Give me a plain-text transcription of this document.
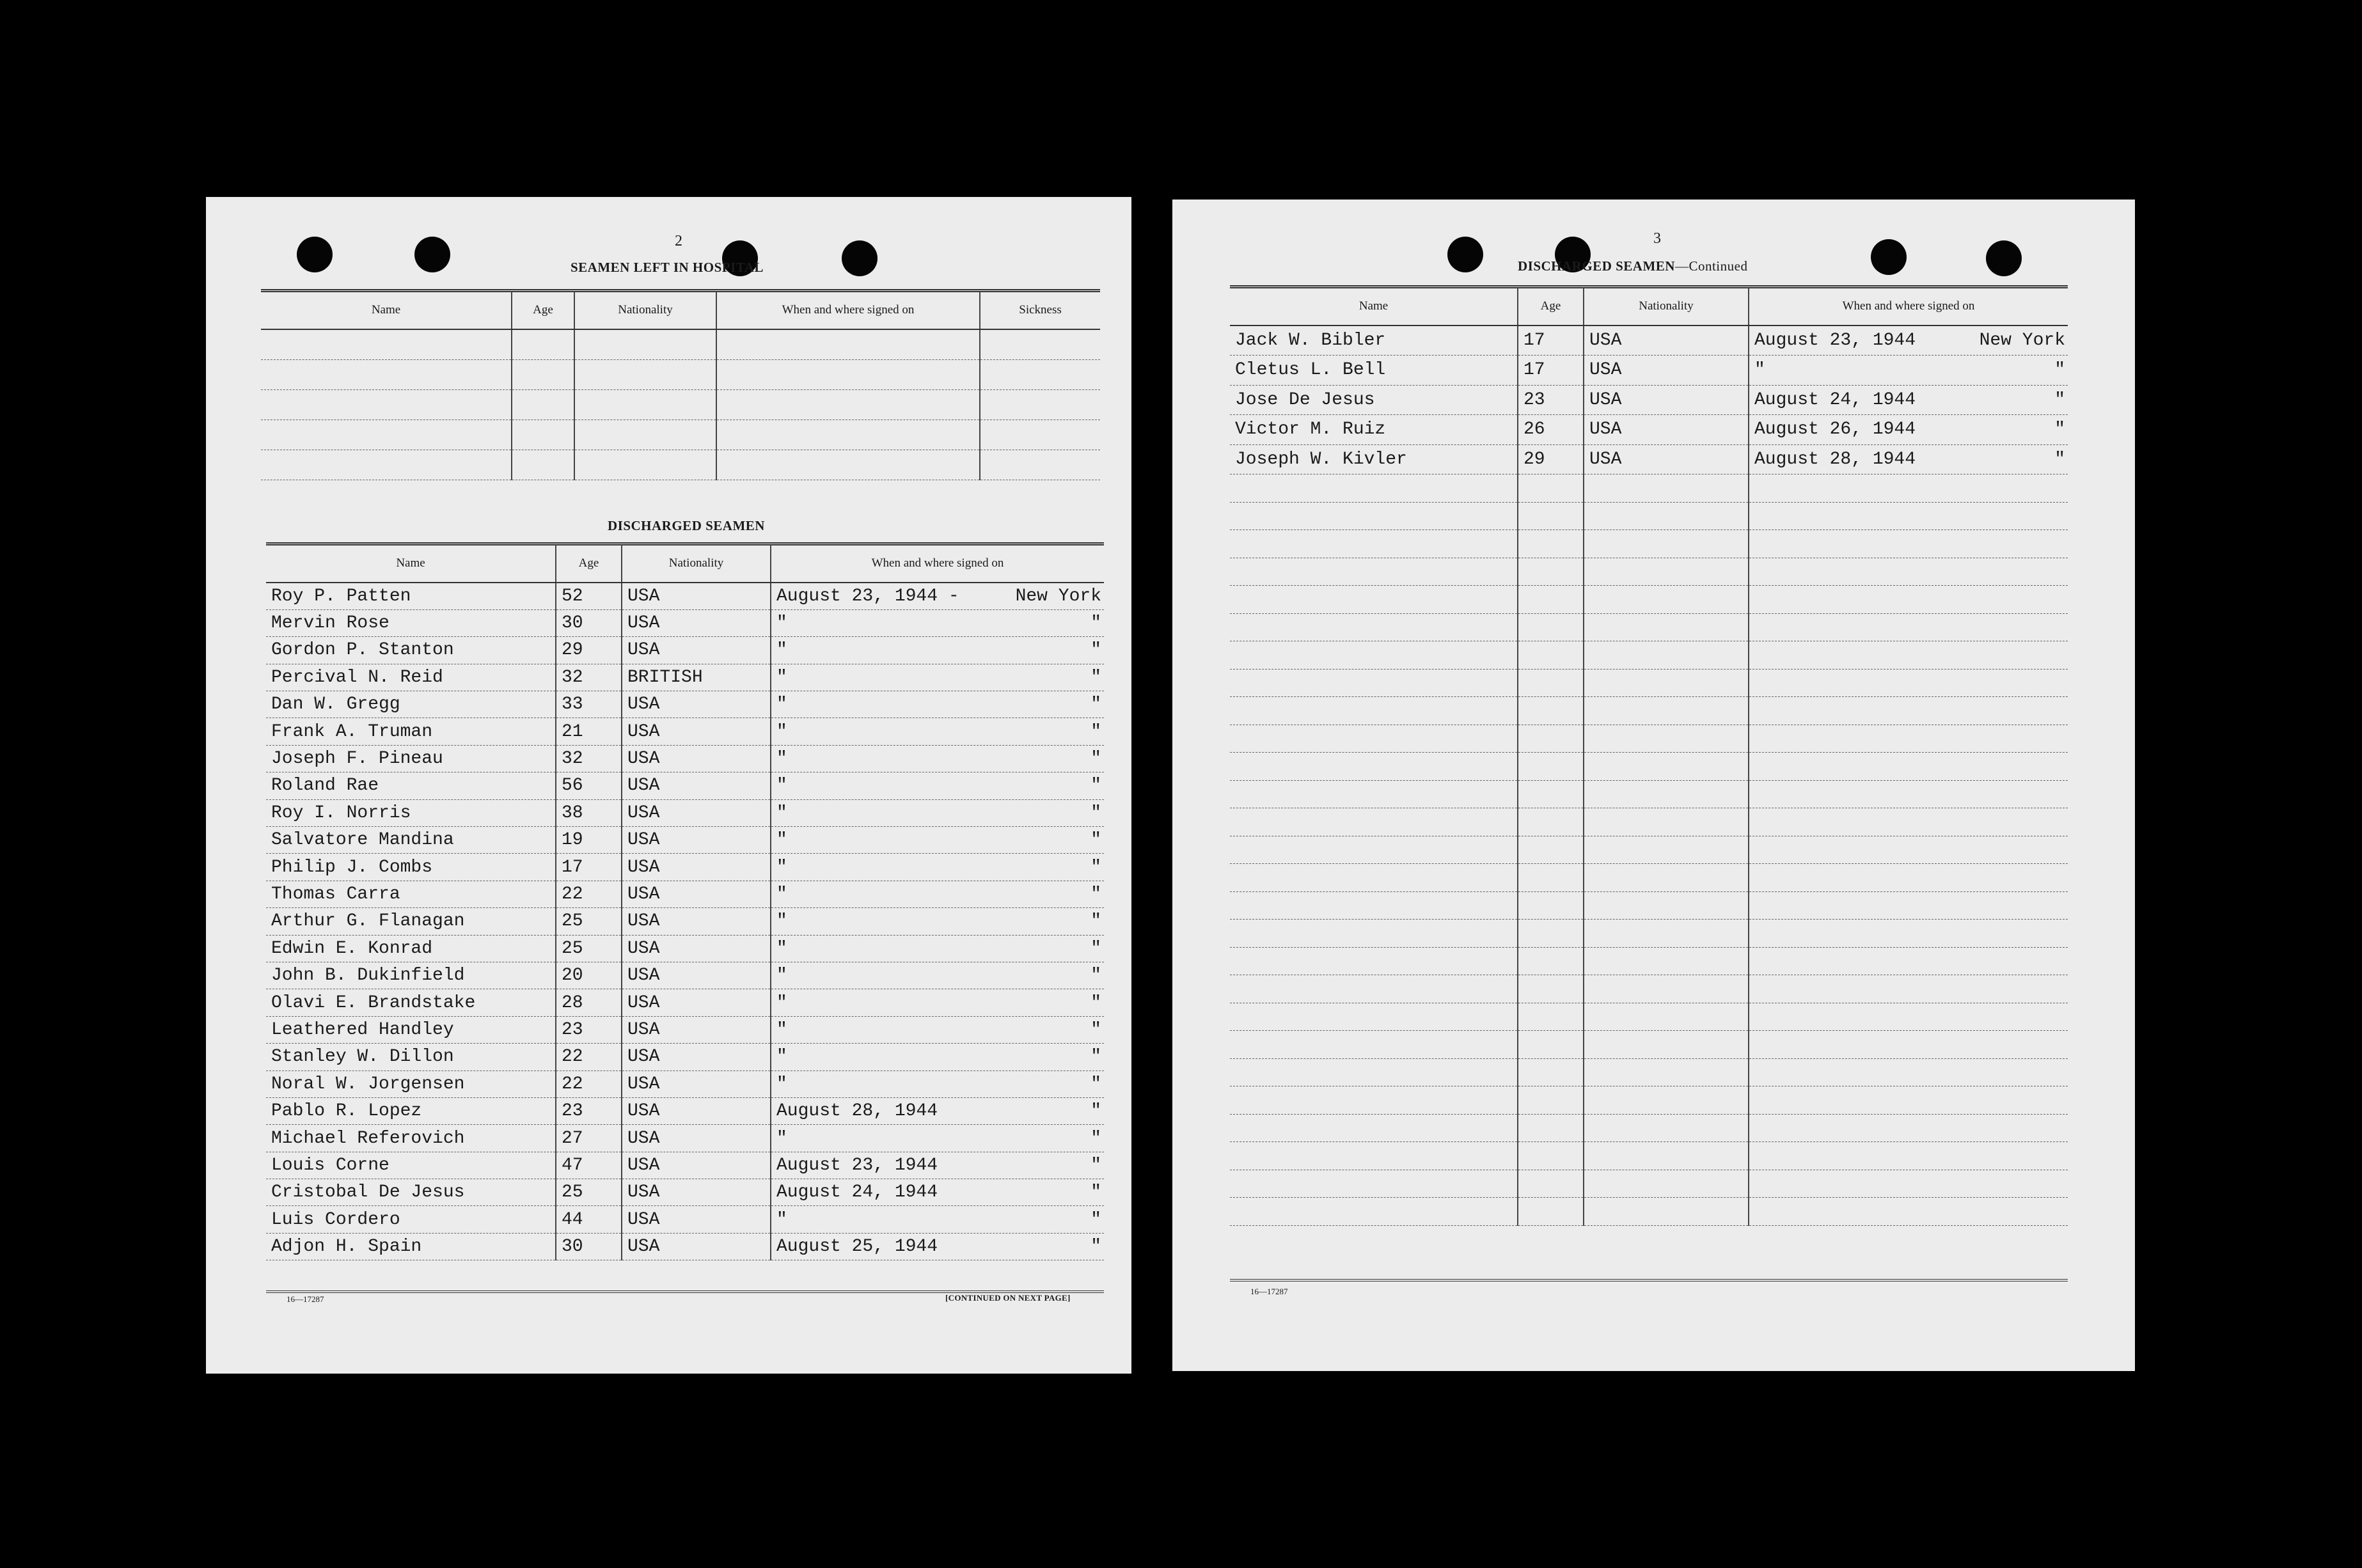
2
SEAMEN LEFT IN HOSPITAL
Name	Age	Nationality	When and where signed on	Sickness

DISCHARGED SEAMEN
Name	Age	Nationality	When and where signed on
Roy P. Patten	52	USA	August 23, 1944 - New York

Mervin Rose	30	USA	" "

Gordon P. Stanton	29	USA	" "

Percival N. Reid	32	BRITISH	" "

Dan W. Gregg	33	USA	" "

Frank A. Truman	21	USA	" "

Joseph F. Pineau	32	USA	" "

Roland Rae	56	USA	" "

Roy I. Norris	38	USA	" "

Salvatore Mandina	19	USA	" "

Philip J. Combs	17	USA	" "

Thomas Carra	22	USA	" "

Arthur G. Flanagan	25	USA	" "

Edwin E. Konrad	25	USA	" "

John B. Dukinfield	20	USA	" "

Olavi E. Brandstake	28	USA	" "

Leathered Handley	23	USA	" "

Stanley W. Dillon	22	USA	" "

Noral W. Jorgensen	22	USA	" "

Pablo R. Lopez	23	USA	August 28, 1944 "

Michael Referovich	27	USA	" "

Louis Corne	47	USA	August 23, 1944 "

Cristobal De Jesus	25	USA	August 24, 1944 "

Luis Cordero	44	USA	" "

Adjon H. Spain	30	USA	August 25, 1944 "
16—17287	[CONTINUED ON NEXT PAGE]
3
DISCHARGED SEAMEN—Continued
Name	Age	Nationality	When and where signed on
Jack W. Bibler	17	USA	August 23, 1944 New York

Cletus L. Bell	17	USA	" "

Jose De Jesus	23	USA	August 24, 1944 "

Victor M. Ruiz	26	USA	August 26, 1944 "

Joseph W. Kivler	29	USA	August 28, 1944 "

16—17287
